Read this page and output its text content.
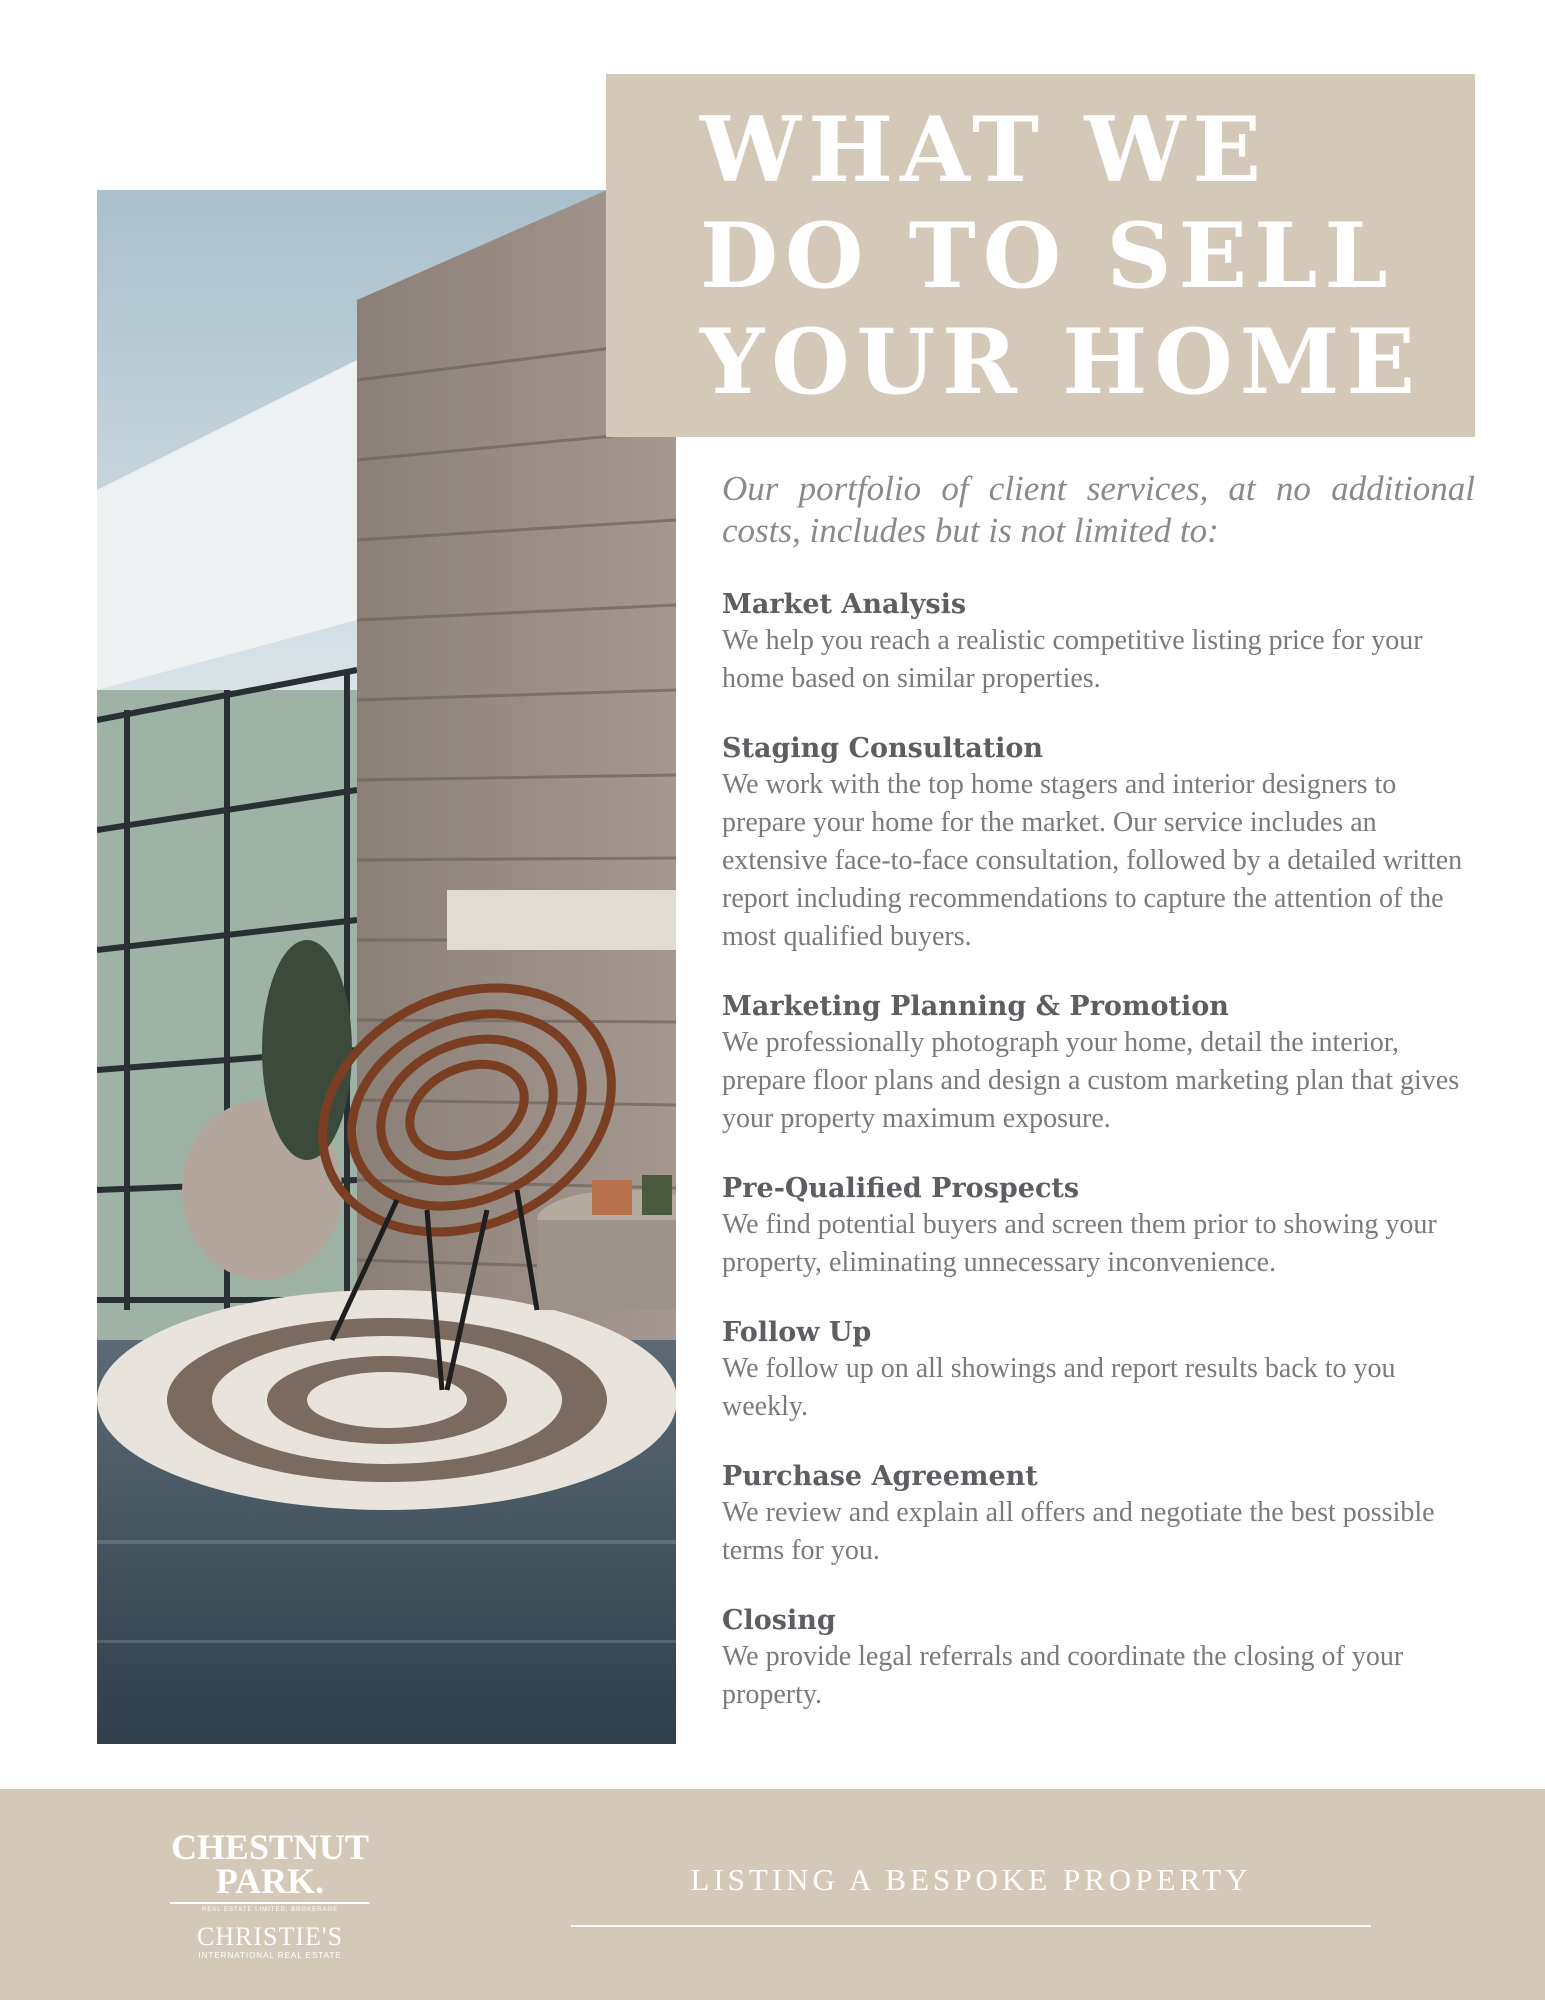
WHAT WE
DO TO SELL
YOUR HOME

Our portfolio of client services, at no additional costs, includes but is not limited to:

Market Analysis

We help you reach a realistic competitive listing price for your home based on similar properties.

Staging Consultation

We work with the top home stagers and interior designers to prepare your home for the market. Our service includes an extensive face-to-face consultation, followed by a detailed written report including recommendations to capture the attention of the most qualified buyers.

Marketing Planning & Promotion

We professionally photograph your home, detail the interior, prepare floor plans and design a custom marketing plan that gives your property maximum exposure.

Pre-Qualified Prospects

We find potential buyers and screen them prior to showing your property, eliminating unnecessary inconvenience.

Follow Up

We follow up on all showings and report results back to you weekly.

Purchase Agreement

We review and explain all offers and negotiate the best possible terms for you.

Closing

We provide legal referrals and coordinate the closing of your property.

CHESTNUT
PARK.
REAL ESTATE LIMITED, BROKERAGE
CHRISTIE'S
INTERNATIONAL REAL ESTATE
LISTING A BESPOKE PROPERTY
